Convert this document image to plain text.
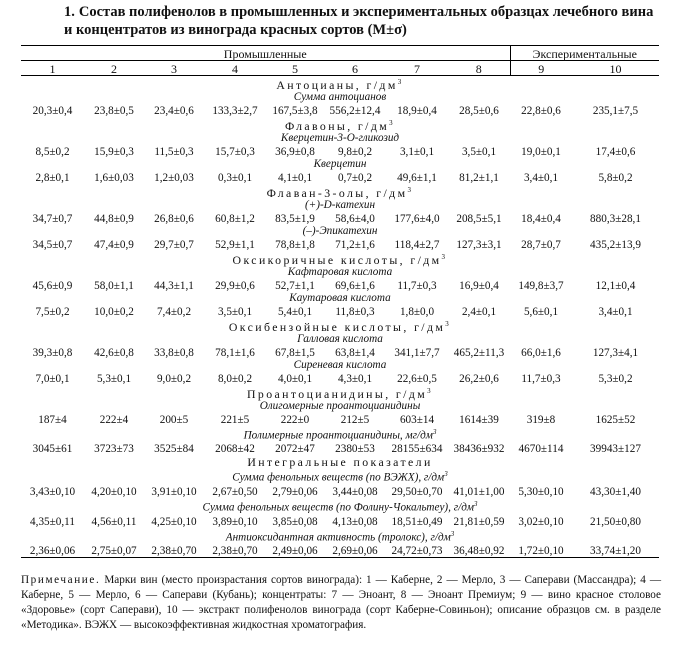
1. Состав полифенолов в промышленных и экспериментальных образцах лечебного вина и концентратов из винограда красных сортов (M±σ)
Промышленные								Экспериментальные	
1	2	3	4	5	6	7	8	9	10
Антоцианы, $г/дм^3$
Сумма антоцианов									
20,3±0,4	23,8±0,5	23,4±0,6	133,3±2,7	167,5±3,8	556,2±12,4	18,9±0,4	28,5±0,6	22,8±0,6	235,1±7,5
Флавоны, $г/дм^3$
Кверцетин-3-О-гликозид									
8,5±0,2	15,9±0,3	11,5±0,3	15,7±0,3	36,9±0,8	9,8±0,2	3,1±0,1	3,5±0,1	19,0±0,1	17,4±0,6
Кверцетин									
2,8±0,1	1,6±0,03	1,2±0,03	0,3±0,1	4,1±0,1	0,7±0,2	49,6±1,1	81,2±1,1	3,4±0,1	5,8±0,2
Флаван-3-олы, $г/дм^3$
(+)-D-катехин									
34,7±0,7	44,8±0,9	26,8±0,6	60,8±1,2	83,5±1,9	58,6±4,0	177,6±4,0	208,5±5,1	18,4±0,4	880,3±28,1
(–)-Эпикатехин									
34,5±0,7	47,4±0,9	29,7±0,7	52,9±1,1	78,8±1,8	71,2±1,6	118,4±2,7	127,3±3,1	28,7±0,7	435,2±13,9
Оксикоричные кислоты, $г/дм^3$
Кафтаровая кислота									
45,6±0,9	58,0±1,1	44,3±1,1	29,9±0,6	52,7±1,1	69,6±1,6	11,7±0,3	16,9±0,4	149,8±3,7	12,1±0,4
Каутаровая кислота									
7,5±0,2	10,0±0,2	7,4±0,2	3,5±0,1	5,4±0,1	11,8±0,3	1,8±0,0	2,4±0,1	5,6±0,1	3,4±0,1
Оксибензойные кислоты, $г/дм^3$
Галловая кислота									
39,3±0,8	42,6±0,8	33,8±0,8	78,1±1,6	67,8±1,5	63,8±1,4	341,1±7,7	465,2±11,3	66,0±1,6	127,3±4,1
Сиреневая кислота									
7,0±0,1	5,3±0,1	9,0±0,2	8,0±0,2	4,0±0,1	4,3±0,1	22,6±0,5	26,2±0,6	11,7±0,3	5,3±0,2
Проантоцианидины, $г/дм^3$
Олигомерные проантоцианидины									
187±4	222±4	200±5	221±5	222±0	212±5	603±14	1614±39	319±8	1625±52
Полимерные проантоцианидины, $мг/дм^3$
3045±61	3723±73	3525±84	2068±42	2072±47	2380±53	28155±634	38436±932	4670±114	39943±127
Интегральные показатели									
Сумма фенольных веществ (по ВЭЖХ), $г/дм^3$
3,43±0,10	4,20±0,10	3,91±0,10	2,67±0,50	2,79±0,06	3,44±0,08	29,50±0,70	41,01±1,00	5,30±0,10	43,30±1,40
Сумма фенольных веществ (по Фолину-Чокальтеу), $г/дм^3$
4,35±0,11	4,56±0,11	4,25±0,10	3,89±0,10	3,85±0,08	4,13±0,08	18,51±0,49	21,81±0,59	3,02±0,10	21,50±0,80
Антиоксидантная активность (тролокс), $г/дм^3$
2,36±0,06	2,75±0,07	2,38±0,70	2,38±0,70	2,49±0,06	2,69±0,06	24,72±0,73	36,48±0,92	1,72±0,10	33,74±1,20
Примечание. Марки вин (место произрастания сортов винограда): 1 — Каберне, 2 — Мерло, 3 — Саперави (Массандра); 4 — Каберне, 5 — Мерло, 6 — Саперави (Кубань); концентраты: 7 — Эноант, 8 — Эноант Премиум; 9 — вино красное столовое «Здоровье» (сорт Саперави), 10 — экстракт полифенолов винограда (сорт Каберне-Совиньон); описание образцов см. в разделе «Методика». ВЭЖХ — высокоэффективная жидкостная хроматография.
